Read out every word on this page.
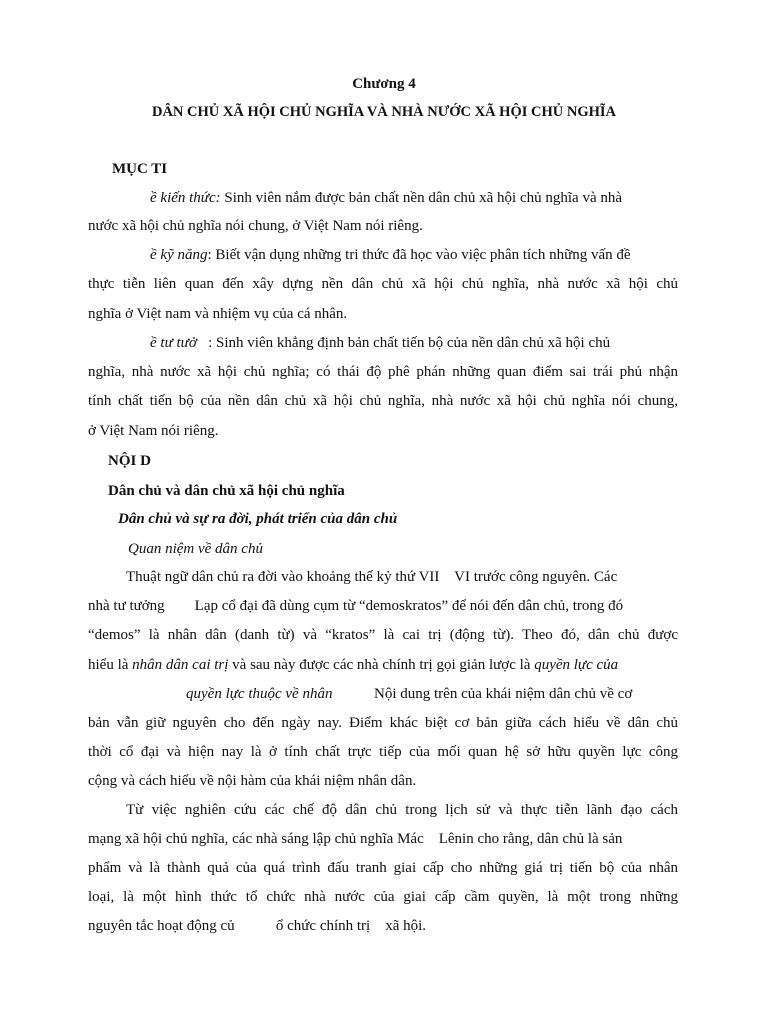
Chương 4
DÂN CHỦ XÃ HỘI CHỦ NGHĨA VÀ NHÀ NƯỚC XÃ HỘI CHỦ NGHĨA
MỤC TI
ề kiến thức: Sinh viên nắm được bản chất nền dân chủ xã hội chủ nghĩa và nhà
nước xã hội chủ nghĩa nói chung, ở Việt Nam nói riêng.
ề kỹ năng: Biết vận dụng những tri thức đã học vào việc phân tích những vấn đề
thực tiễn liên quan đến xây dựng nền dân chủ xã hội chủ nghĩa, nhà nước xã hội chủ
nghĩa ở Việt nam và nhiệm vụ của cá nhân.
ề tư tưở   : Sinh viên khẳng định bản chất tiến bộ của nền dân chủ xã hội chủ
nghĩa, nhà nước xã hội chủ nghĩa; có thái độ phê phán những quan điểm sai trái phủ nhận
tính chất tiến bộ của nền dân chủ xã hội chủ nghĩa, nhà nước xã hội chủ nghĩa nói chung,
ở Việt Nam nói riêng.
NỘI D
Dân chủ và dân chủ xã hội chủ nghĩa
Dân chủ và sự ra đời, phát triển của dân chủ
Quan niệm về dân chủ
Thuật ngữ dân chủ ra đời vào khoảng thế kỷ thứ VII    VI trước công nguyên. Các
nhà tư tưởng        Lạp cổ đại đã dùng cụm từ “demoskratos” để nói đến dân chủ, trong đó
“demos” là nhân dân (danh từ) và “kratos” là cai trị (động từ). Theo đó, dân chủ được
hiểu là nhân dân cai trị và sau này được các nhà chính trị gọi giản lược là quyền lực của
quyền lực thuộc về nhân	Nội dung trên của khái niệm dân chủ về cơ
bản vẫn giữ nguyên cho đến ngày nay. Điểm khác biệt cơ bản giữa cách hiểu về dân chủ
thời cổ đại và hiện nay là ở tính chất trực tiếp của mối quan hệ sở hữu quyền lực công
cộng và cách hiểu về nội hàm của khái niệm nhân dân.
Từ việc nghiên cứu các chế độ dân chủ trong lịch sử và thực tiễn lãnh đạo cách
mạng xã hội chủ nghĩa, các nhà sáng lập chủ nghĩa Mác    Lênin cho rằng, dân chủ là sản
phẩm và là thành quả của quá trình đấu tranh giai cấp cho những giá trị tiến bộ của nhân
loại, là một hình thức tổ chức nhà nước của giai cấp cầm quyền, là một trong những
nguyên tắc hoạt động củ           ổ chức chính trị    xã hội.
